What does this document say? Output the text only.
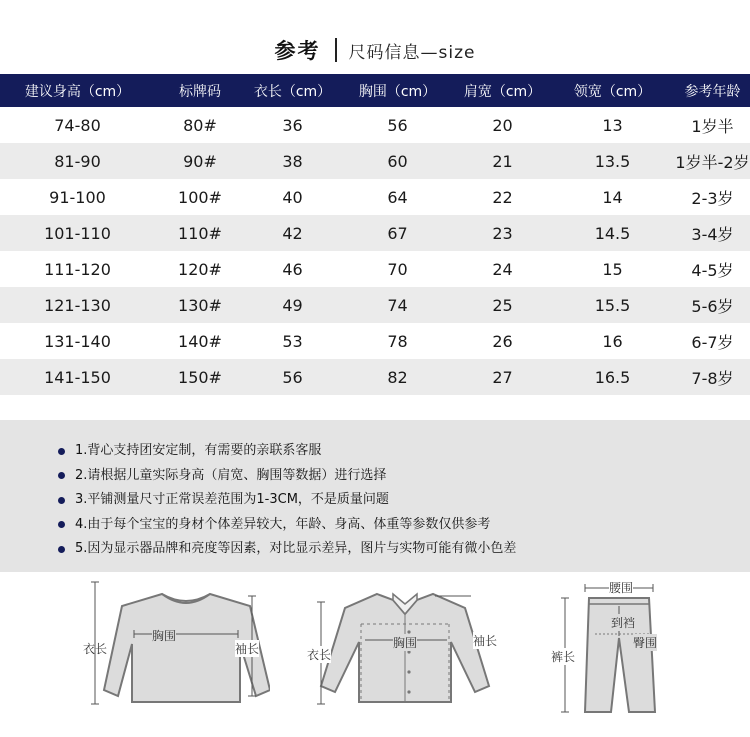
参考 尺码信息—size
建议身高（cm）	标牌码	衣长（cm）	胸围（cm）	肩宽（cm）	领宽（cm）	参考年龄
74-80	80#	36	56	20	13	1岁半
81-90	90#	38	60	21	13.5	1岁半-2岁
91-100	100#	40	64	22	14	2-3岁
101-110	110#	42	67	23	14.5	3-4岁
111-120	120#	46	70	24	15	4-5岁
121-130	130#	49	74	25	15.5	5-6岁
131-140	140#	53	78	26	16	6-7岁
141-150	150#	56	82	27	16.5	7-8岁
1.背心支持团安定制，有需要的亲联系客服
2.请根据儿童实际身高（肩宽、胸围等数据）进行选择
3.平铺测量尺寸正常误差范围为1-3CM，不是质量问题
4.由于每个宝宝的身材个体差异较大，年龄、身高、体重等参数仅供参考
5.因为显示器品牌和亮度等因素，对比显示差异，图片与实物可能有微小色差
衣长
胸围
袖长	衣长
胸围	袖长
腰围
到裆
臀围
裤长
